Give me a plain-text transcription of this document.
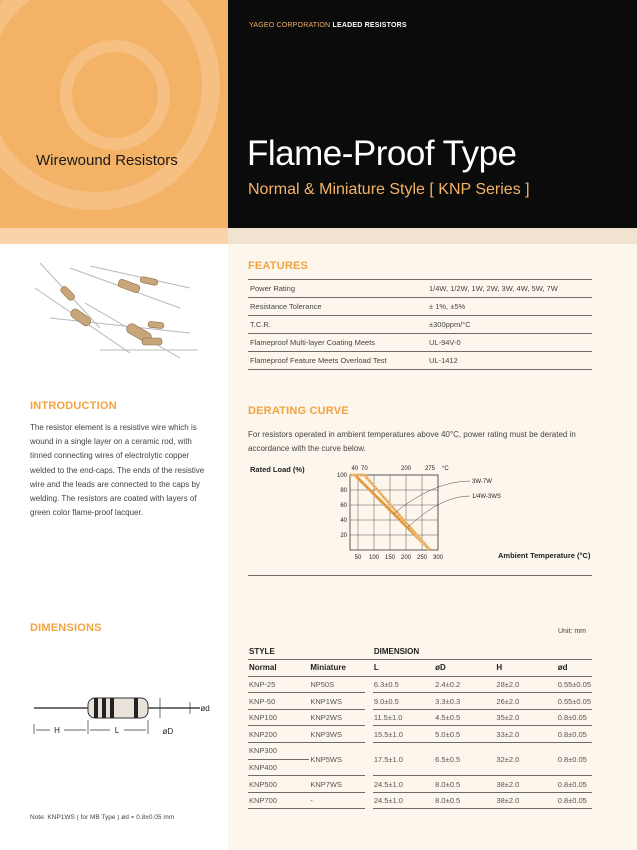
YAGEO CORPORATION LEADED RESISTORS
Wirewound Resistors Flame-Proof Type
Normal & Miniature Style [ KNP Series ]
FEATURES
Power Rating	1/4W, 1/2W, 1W, 2W, 3W, 4W, 5W, 7W
Resistance Tolerance	± 1%, ±5%
T.C.R.	±300ppm/°C
Flameproof Multi-layer Coating Meets	UL-94V-0
Flameproof Feature Meets Overload Test	UL-1412
INTRODUCTION
The resistor element is a resistive wire which is wound in a single layer on a ceramic rod, with tinned connecting wires of electrolytic copper welded to the end-caps. The ends of the resistive wire and the leads are connected to the caps by welding. The resistors are coated with layers of green color flame-proof lacquer.
DERATING CURVE
For resistors operated in ambient temperatures above 40°C, power rating must be derated in accordance with the curve below.
Rated Load (%)
Ambient Temperature (°C)
50 100 150 200 250 300
100
80
60
40
20
40 70	200 275 °C
3W-7W
1/4W-3WS
DIMENSIONS	Unit: mm
H	L	øD
ød
STYLE			DIMENSION			
Normal	Miniature		L	øD	H	ød
KNP-25	NP50S		6.3±0.5	2.4±0.2	28±2.0	0.55±0.05
KNP-50	KNP1WS		9.0±0.5	3.3±0.3	26±2.0	0.55±0.05
KNP100	KNP2WS		11.5±1.0	4.5±0.5	35±2.0	0.8±0.05
KNP200	KNP3WS		15.5±1.0	5.0±0.5	33±2.0	0.8±0.05
KNP300	KNP5WS		17.5±1.0	6.5±0.5	32±2.0	0.8±0.05
KNP400						
KNP500	KNP7WS		24.5±1.0	8.0±0.5	38±2.0	0.8±0.05
KNP700	-		24.5±1.0	8.0±0.5	38±2.0	0.8±0.05
Note: KNP1WS ( for MB Type ) ød = 0.8±0.05 mm
